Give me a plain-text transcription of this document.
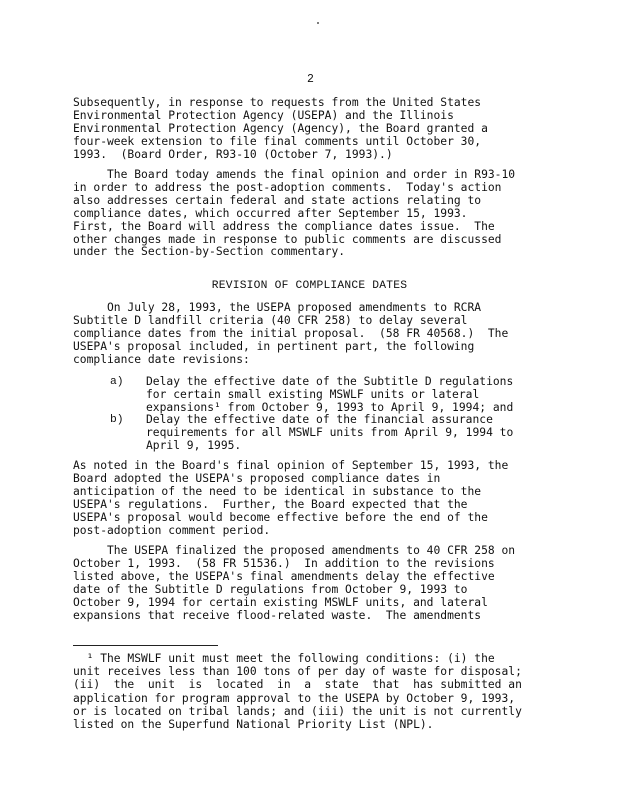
2
Subsequently, in response to requests from the United States
Environmental Protection Agency (USEPA) and the Illinois
Environmental Protection Agency (Agency), the Board granted a
four-week extension to file final comments until October 30,
1993.  (Board Order, R93-10 (October 7, 1993).)
The Board today amends the final opinion and order in R93-10
in order to address the post-adoption comments.  Today's action
also addresses certain federal and state actions relating to
compliance dates, which occurred after September 15, 1993.
First, the Board will address the compliance dates issue.  The
other changes made in response to public comments are discussed
under the Section-by-Section commentary.
REVISION OF COMPLIANCE DATES
On July 28, 1993, the USEPA proposed amendments to RCRA
Subtitle D landfill criteria (40 CFR 258) to delay several
compliance dates from the initial proposal.  (58 FR 40568.)  The
USEPA's proposal included, in pertinent part, the following
compliance date revisions:
a) Delay the effective date of the Subtitle D regulations
for certain small existing MSWLF units or lateral
expansions¹ from October 9, 1993 to April 9, 1994; and
b) Delay the effective date of the financial assurance
requirements for all MSWLF units from April 9, 1994 to
April 9, 1995.
As noted in the Board's final opinion of September 15, 1993, the
Board adopted the USEPA's proposed compliance dates in
anticipation of the need to be identical in substance to the
USEPA's regulations.  Further, the Board expected that the
USEPA's proposal would become effective before the end of the
post-adoption comment period.
The USEPA finalized the proposed amendments to 40 CFR 258 on
October 1, 1993.  (58 FR 51536.)  In addition to the revisions
listed above, the USEPA's final amendments delay the effective
date of the Subtitle D regulations from October 9, 1993 to
October 9, 1994 for certain existing MSWLF units, and lateral
expansions that receive flood-related waste.  The amendments
¹ The MSWLF unit must meet the following conditions: (i) the
unit receives less than 100 tons of per day of waste for disposal;
(ii)  the  unit  is  located  in  a  state  that  has submitted an
application for program approval to the USEPA by October 9, 1993,
or is located on tribal lands; and (iii) the unit is not currently
listed on the Superfund National Priority List (NPL).
